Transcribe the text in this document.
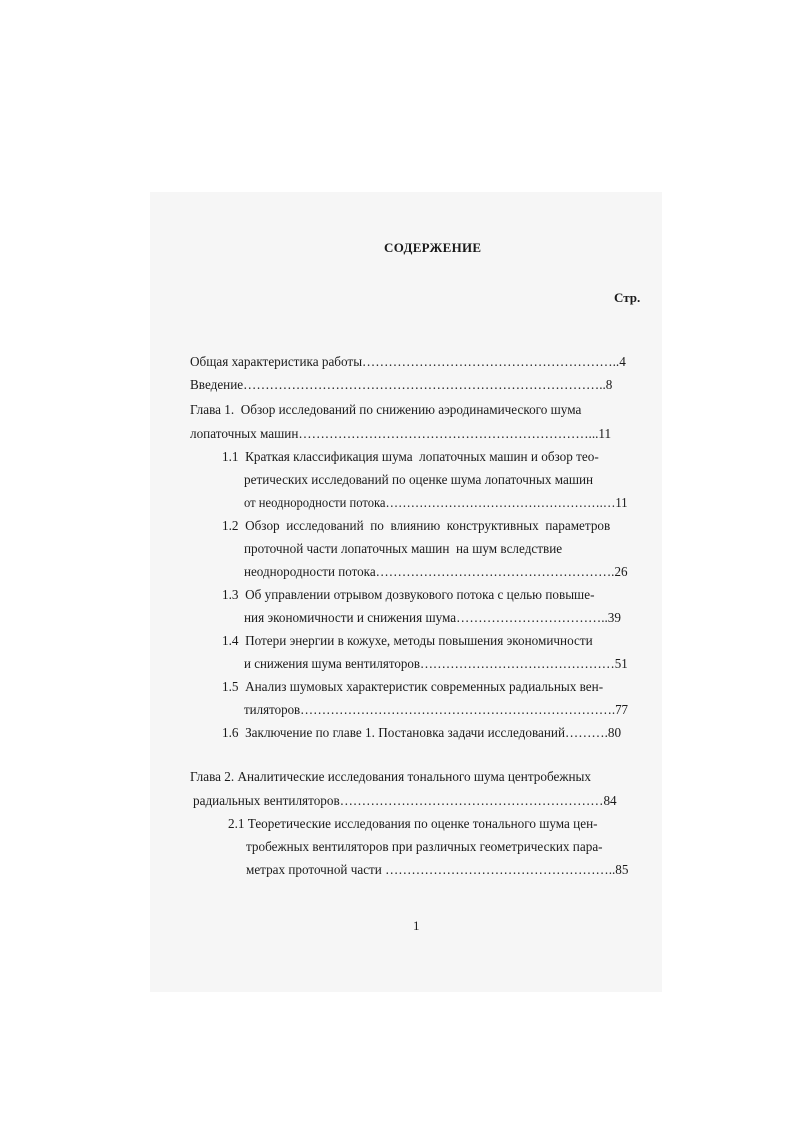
СОДЕРЖЕНИЕ
Стр.
Общая характеристика работы…………………………………………………..4
Введение………………………………………………………………………..8
Глава 1.  Обзор исследований по снижению аэродинамического шума
лопаточных машин…………………………………………………………...11
1.1  Краткая классификация шума  лопаточных машин и обзор тео-
ретических исследований по оценке шума лопаточных машин
от неоднородности потока…………………………………………….…11
1.2  Обзор  исследований  по  влиянию  конструктивных  параметров
проточной части лопаточных машин  на шум вследствие
неоднородности потока……………………………………………….26
1.3  Об управлении отрывом дозвукового потока с целью повыше-
ния экономичности и снижения шума……………………………..39
1.4  Потери энергии в кожухе, методы повышения экономичности
и снижения шума вентиляторов………………………………………51
1.5  Анализ шумовых характеристик современных радиальных вен-
тиляторов……………………………………………………………….77
1.6  Заключение по главе 1. Постановка задачи исследований……….80
Глава 2. Аналитические исследования тонального шума центробежных
радиальных вентиляторов……………………………………………………84
2.1 Теоретические исследования по оценке тонального шума цен-
тробежных вентиляторов при различных геометрических пара-
метрах проточной части ……………………………………………..85
1
